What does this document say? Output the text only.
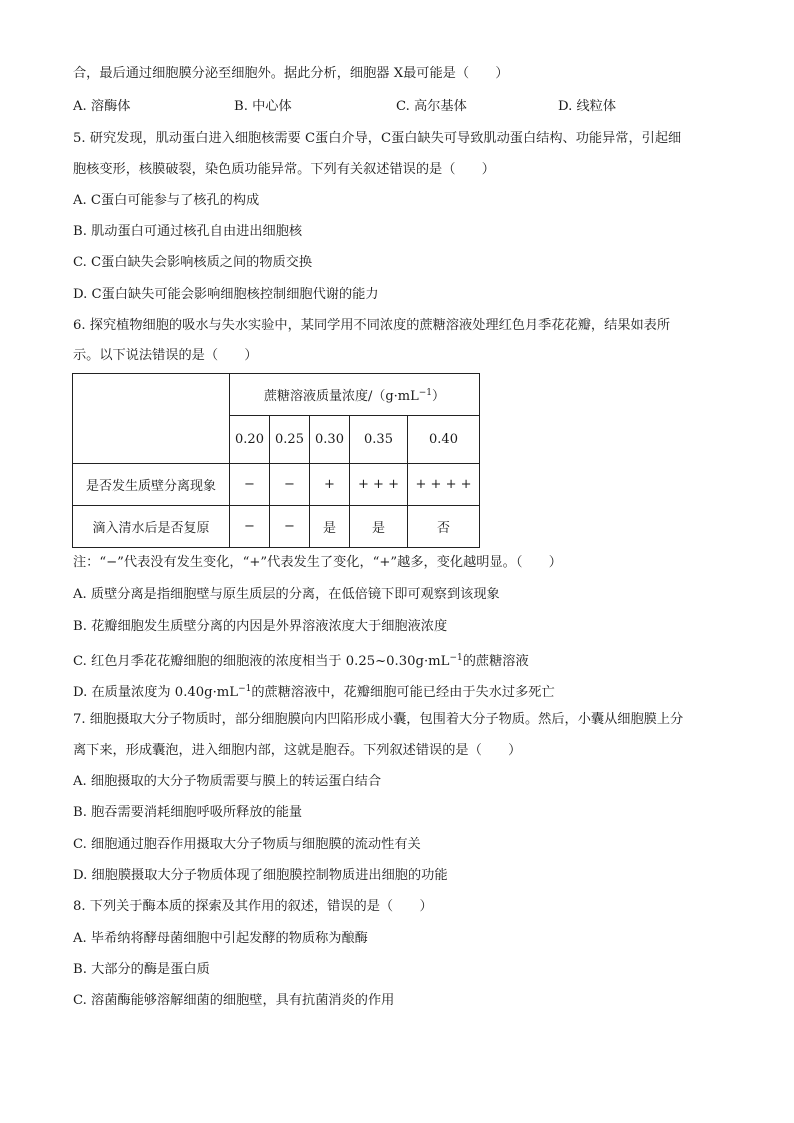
合，最后通过细胞膜分泌至细胞外。据此分析，细胞器 X最可能是（　　）
A. 溶酶体	B. 中心体	C. 高尔基体	D. 线粒体
5. 研究发现，肌动蛋白进入细胞核需要 C蛋白介导，C蛋白缺失可导致肌动蛋白结构、功能异常，引起细
胞核变形，核膜破裂，染色质功能异常。下列有关叙述错误的是（　　）
A. C蛋白可能参与了核孔的构成
B. 肌动蛋白可通过核孔自由进出细胞核
C. C蛋白缺失会影响核质之间的物质交换
D. C蛋白缺失可能会影响细胞核控制细胞代谢的能力
6. 探究植物细胞的吸水与失水实验中，某同学用不同浓度的蔗糖溶液处理红色月季花花瓣，结果如表所
示。以下说法错误的是（　　）
	蔗糖溶液质量浓度$/(g\cdot mL^{-1})$				
	0.20	0.25	0.30	0.35	0.40
是否发生质壁分离现象	−	−	+	+ + +	+ + + +
滴入清水后是否复原	−	−	是	是	否
注：“−”代表没有发生变化，“+”代表发生了变化，“+”越多，变化越明显。（　　）
A. 质壁分离是指细胞壁与原生质层的分离，在低倍镜下即可观察到该现象
B. 花瓣细胞发生质壁分离的内因是外界溶液浓度大于细胞液浓度
C. 红色月季花花瓣细胞的细胞液的浓度相当于 $0.25\sim 0.30g\cdot mL^{-1}$的蔗糖溶液
D. 在质量浓度为 $0.40g\cdot mL^{-1}$的蔗糖溶液中，花瓣细胞可能已经由于失水过多死亡
7. 细胞摄取大分子物质时，部分细胞膜向内凹陷形成小囊，包围着大分子物质。然后，小囊从细胞膜上分
离下来，形成囊泡，进入细胞内部，这就是胞吞。下列叙述错误的是（　　）
A. 细胞摄取的大分子物质需要与膜上的转运蛋白结合
B. 胞吞需要消耗细胞呼吸所释放的能量
C. 细胞通过胞吞作用摄取大分子物质与细胞膜的流动性有关
D. 细胞膜摄取大分子物质体现了细胞膜控制物质进出细胞的功能
8. 下列关于酶本质的探索及其作用的叙述，错误的是（　　）
A. 毕希纳将酵母菌细胞中引起发酵的物质称为酿酶
B. 大部分的酶是蛋白质
C. 溶菌酶能够溶解细菌的细胞壁，具有抗菌消炎的作用
